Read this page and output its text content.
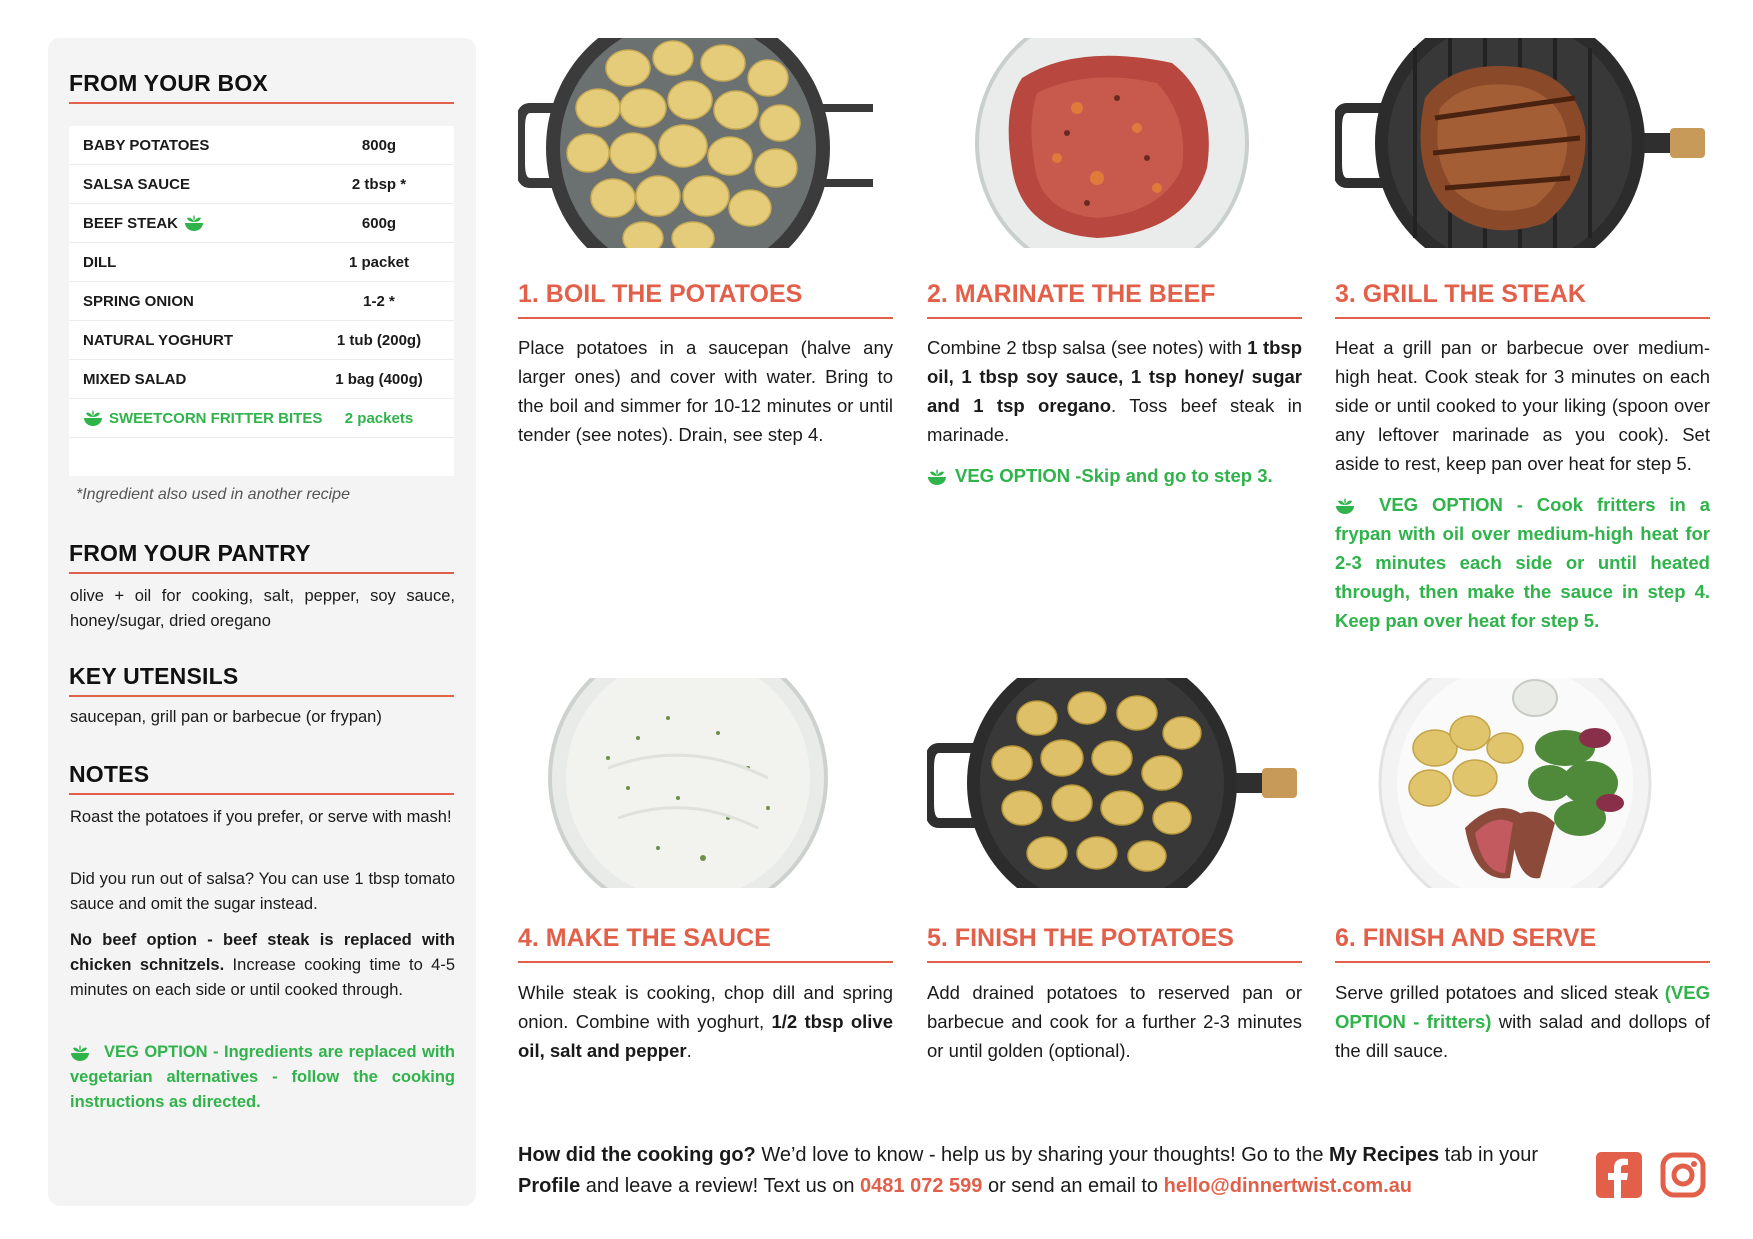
FROM YOUR BOX
BABY POTATOES	800g
SALSA SAUCE	2 tbsp *
BEEF STEAK	600g
DILL	1 packet
SPRING ONION	1-2 *
NATURAL YOGHURT	1 tub (200g)
MIXED SALAD	1 bag (400g)
SWEETCORN FRITTER BITES	2 packets
*Ingredient also used in another recipe
FROM YOUR PANTRY
olive + oil for cooking, salt, pepper, soy sauce, honey/sugar, dried oregano
KEY UTENSILS
saucepan, grill pan or barbecue (or frypan)
NOTES
Roast the potatoes if you prefer, or serve with mash!
Did you run out of salsa? You can use 1 tbsp tomato sauce and omit the sugar instead.
No beef option - beef steak is replaced with chicken schnitzels. Increase cooking time to 4-5 minutes on each side or until cooked through.
VEG OPTION - Ingredients are replaced with vegetarian alternatives - follow the cooking instructions as directed.
1. BOIL THE POTATOES
Place potatoes in a saucepan (halve any larger ones) and cover with water. Bring to the boil and simmer for 10-12 minutes or until tender (see notes). Drain, see step 4.
2. MARINATE THE BEEF
Combine 2 tbsp salsa (see notes) with 1 tbsp oil, 1 tbsp soy sauce, 1 tsp honey/ sugar and 1 tsp oregano. Toss beef steak in marinade.
VEG OPTION -Skip and go to step 3.
3. GRILL THE STEAK
Heat a grill pan or barbecue over medium-high heat. Cook steak for 3 minutes on each side or until cooked to your liking (spoon over any leftover marinade as you cook). Set aside to rest, keep pan over heat for step 5.
VEG OPTION - Cook fritters in a frypan with oil over medium-high heat for 2-3 minutes each side or until heated through, then make the sauce in step 4. Keep pan over heat for step 5.
4. MAKE THE SAUCE
While steak is cooking, chop dill and spring onion. Combine with yoghurt, 1/2 tbsp olive oil, salt and pepper.
5. FINISH THE POTATOES
Add drained potatoes to reserved pan or barbecue and cook for a further 2-3 minutes or until golden (optional).
6. FINISH AND SERVE
Serve grilled potatoes and sliced steak (VEG OPTION - fritters) with salad and dollops of the dill sauce.
How did the cooking go? We’d love to know - help us by sharing your thoughts! Go to the My Recipes tab in your Profile and leave a review! Text us on 0481 072 599 or send an email to hello@dinnertwist.com.au
